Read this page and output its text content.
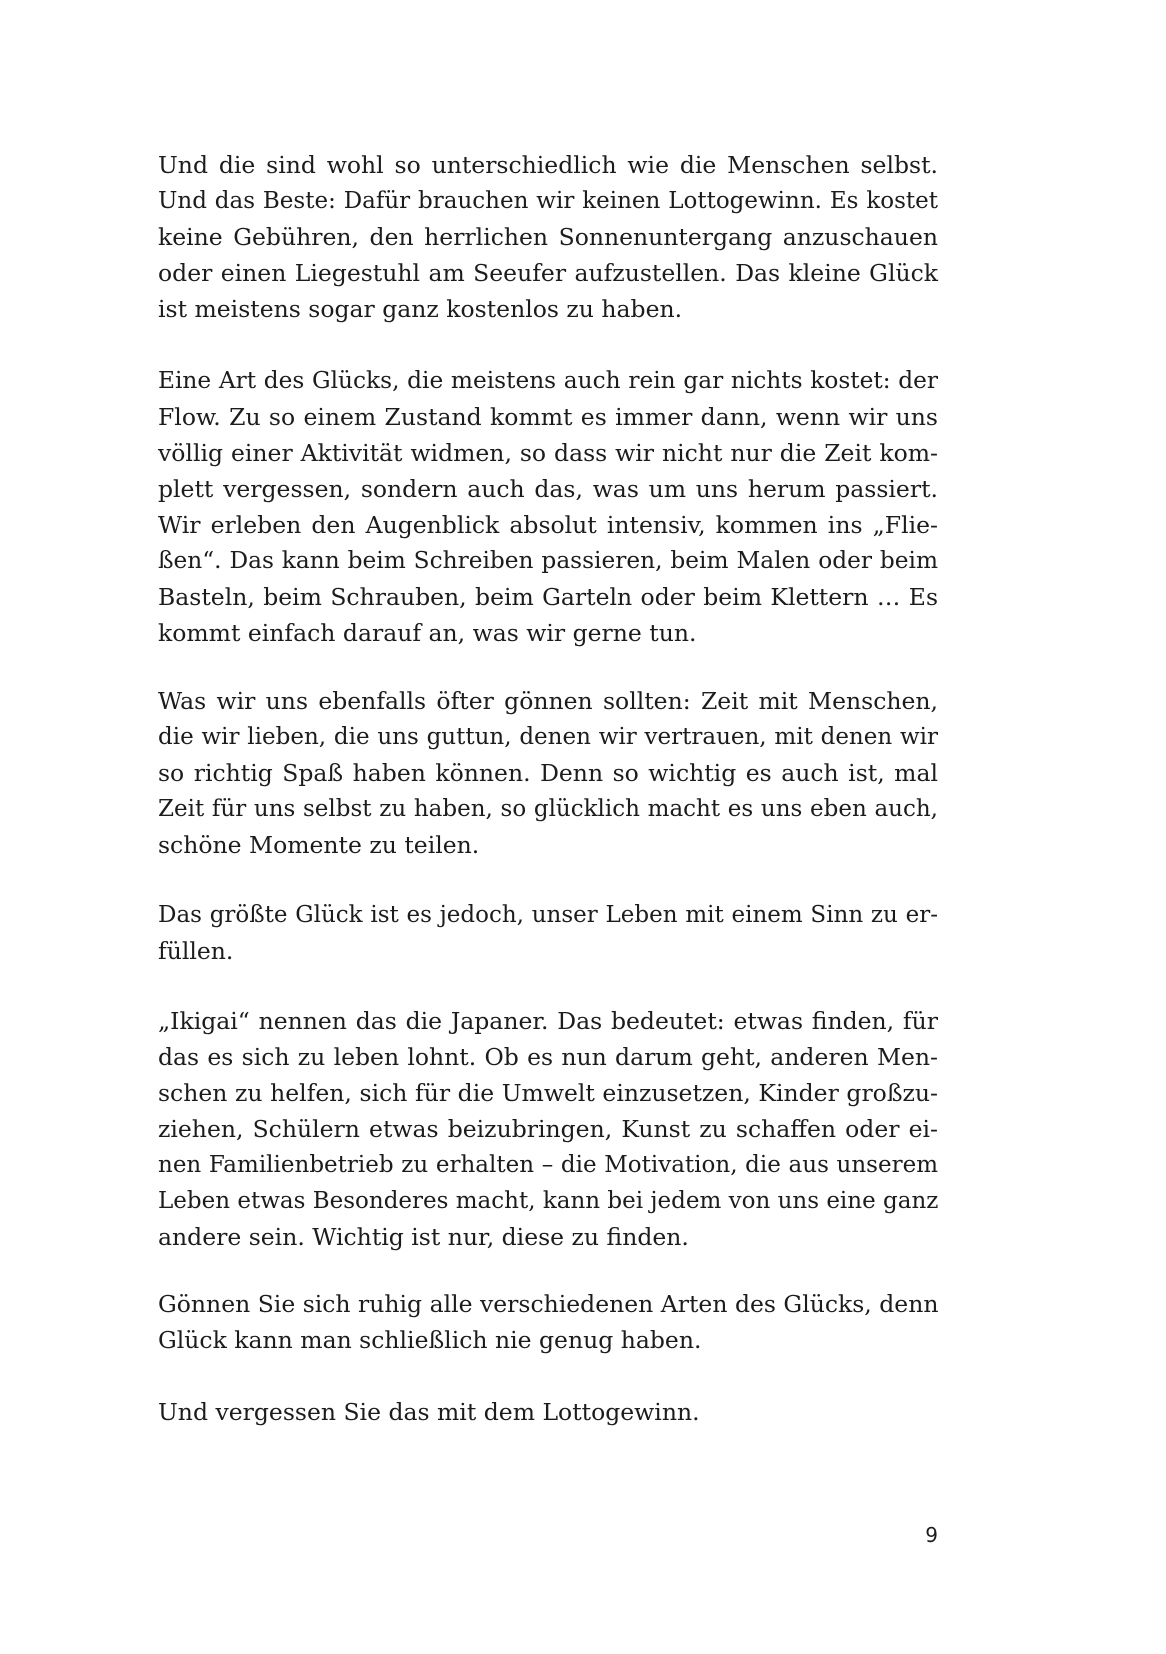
Und die sind wohl so unterschiedlich wie die Menschen selbst.
Und das Beste: Dafür brauchen wir keinen Lottogewinn. Es kostet
keine Gebühren, den herrlichen Sonnenuntergang anzuschauen
oder einen Liegestuhl am Seeufer aufzustellen. Das kleine Glück
ist meistens sogar ganz kostenlos zu haben.
Eine Art des Glücks, die meistens auch rein gar nichts kostet: der
Flow. Zu so einem Zustand kommt es immer dann, wenn wir uns
völlig einer Aktivität widmen, so dass wir nicht nur die Zeit kom-
plett vergessen, sondern auch das, was um uns herum passiert.
Wir erleben den Augenblick absolut intensiv, kommen ins „Flie-
ßen“. Das kann beim Schreiben passieren, beim Malen oder beim
Basteln, beim Schrauben, beim Garteln oder beim Klettern … Es
kommt einfach darauf an, was wir gerne tun.
Was wir uns ebenfalls öfter gönnen sollten: Zeit mit Menschen,
die wir lieben, die uns guttun, denen wir vertrauen, mit denen wir
so richtig Spaß haben können. Denn so wichtig es auch ist, mal
Zeit für uns selbst zu haben, so glücklich macht es uns eben auch,
schöne Momente zu teilen.
Das größte Glück ist es jedoch, unser Leben mit einem Sinn zu er-
füllen.
„Ikigai“ nennen das die Japaner. Das bedeutet: etwas finden, für
das es sich zu leben lohnt. Ob es nun darum geht, anderen Men-
schen zu helfen, sich für die Umwelt einzusetzen, Kinder großzu-
ziehen, Schülern etwas beizubringen, Kunst zu schaffen oder ei-
nen Familienbetrieb zu erhalten – die Motivation, die aus unserem
Leben etwas Besonderes macht, kann bei jedem von uns eine ganz
andere sein. Wichtig ist nur, diese zu finden.
Gönnen Sie sich ruhig alle verschiedenen Arten des Glücks, denn
Glück kann man schließlich nie genug haben.
Und vergessen Sie das mit dem Lottogewinn.
9
